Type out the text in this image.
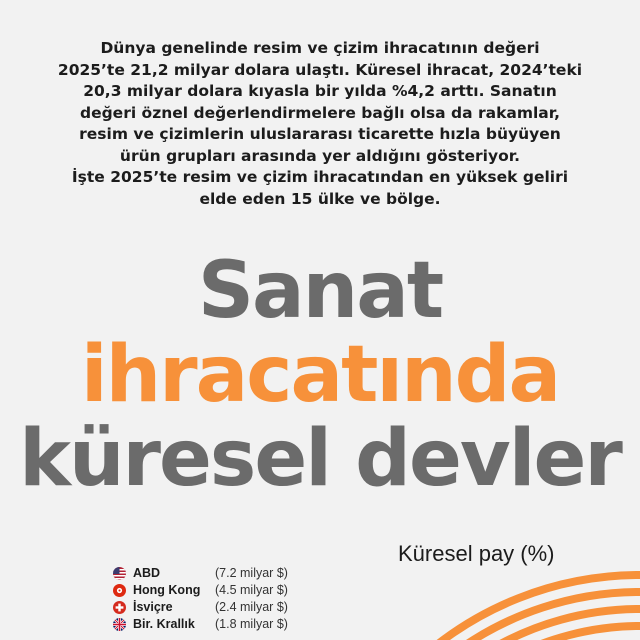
Dünya genelinde resim ve çizim ihracatının değeri

2025’te 21,2 milyar dolara ulaştı. Küresel ihracat, 2024’teki

20,3 milyar dolara kıyasla bir yılda %4,2 arttı. Sanatın

değeri öznel değerlendirmelere bağlı olsa da rakamlar,

resim ve çizimlerin uluslararası ticarette hızla büyüyen

ürün grupları arasında yer aldığını gösteriyor.

İşte 2025’te resim ve çizim ihracatından en yüksek geliri

elde eden 15 ülke ve bölge.

Sanat
ihracatında
küresel devler
Küresel pay (%)
ABD	(7.2 milyar $)
Hong Kong (4.5 milyar $)
İsviçre	(2.4 milyar $)
Bir. Krallık (1.8 milyar $)
